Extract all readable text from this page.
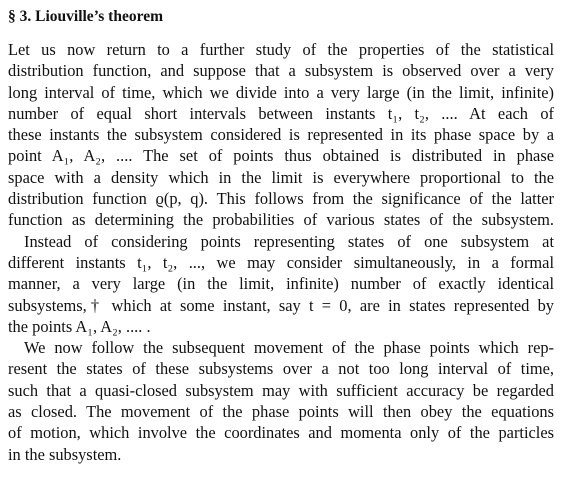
§ 3. Liouville’s theorem
Let us now return to a further study of the properties of the statistical
distribution function, and suppose that a subsystem is observed over a very
long interval of time, which we divide into a very large (in the limit, infinite)
number of equal short intervals between instants t₁, t₂, .... At each of
these instants the subsystem considered is represented in its phase space by a
point A₁, A₂, .... The set of points thus obtained is distributed in phase
space with a density which in the limit is everywhere proportional to the
distribution function ϱ(p, q). This follows from the significance of the latter
function as determining the probabilities of various states of the subsystem.
Instead of considering points representing states of one subsystem at
different instants t₁, t₂, ..., we may consider simultaneously, in a formal
manner, a very large (in the limit, infinite) number of exactly identical
subsystems,† which at some instant, say t = 0, are in states represented by
the points A₁, A₂, .... .
We now follow the subsequent movement of the phase points which rep-
resent the states of these subsystems over a not too long interval of time,
such that a quasi-closed subsystem may with sufficient accuracy be regarded
as closed. The movement of the phase points will then obey the equations
of motion, which involve the coordinates and momenta only of the particles
in the subsystem.
